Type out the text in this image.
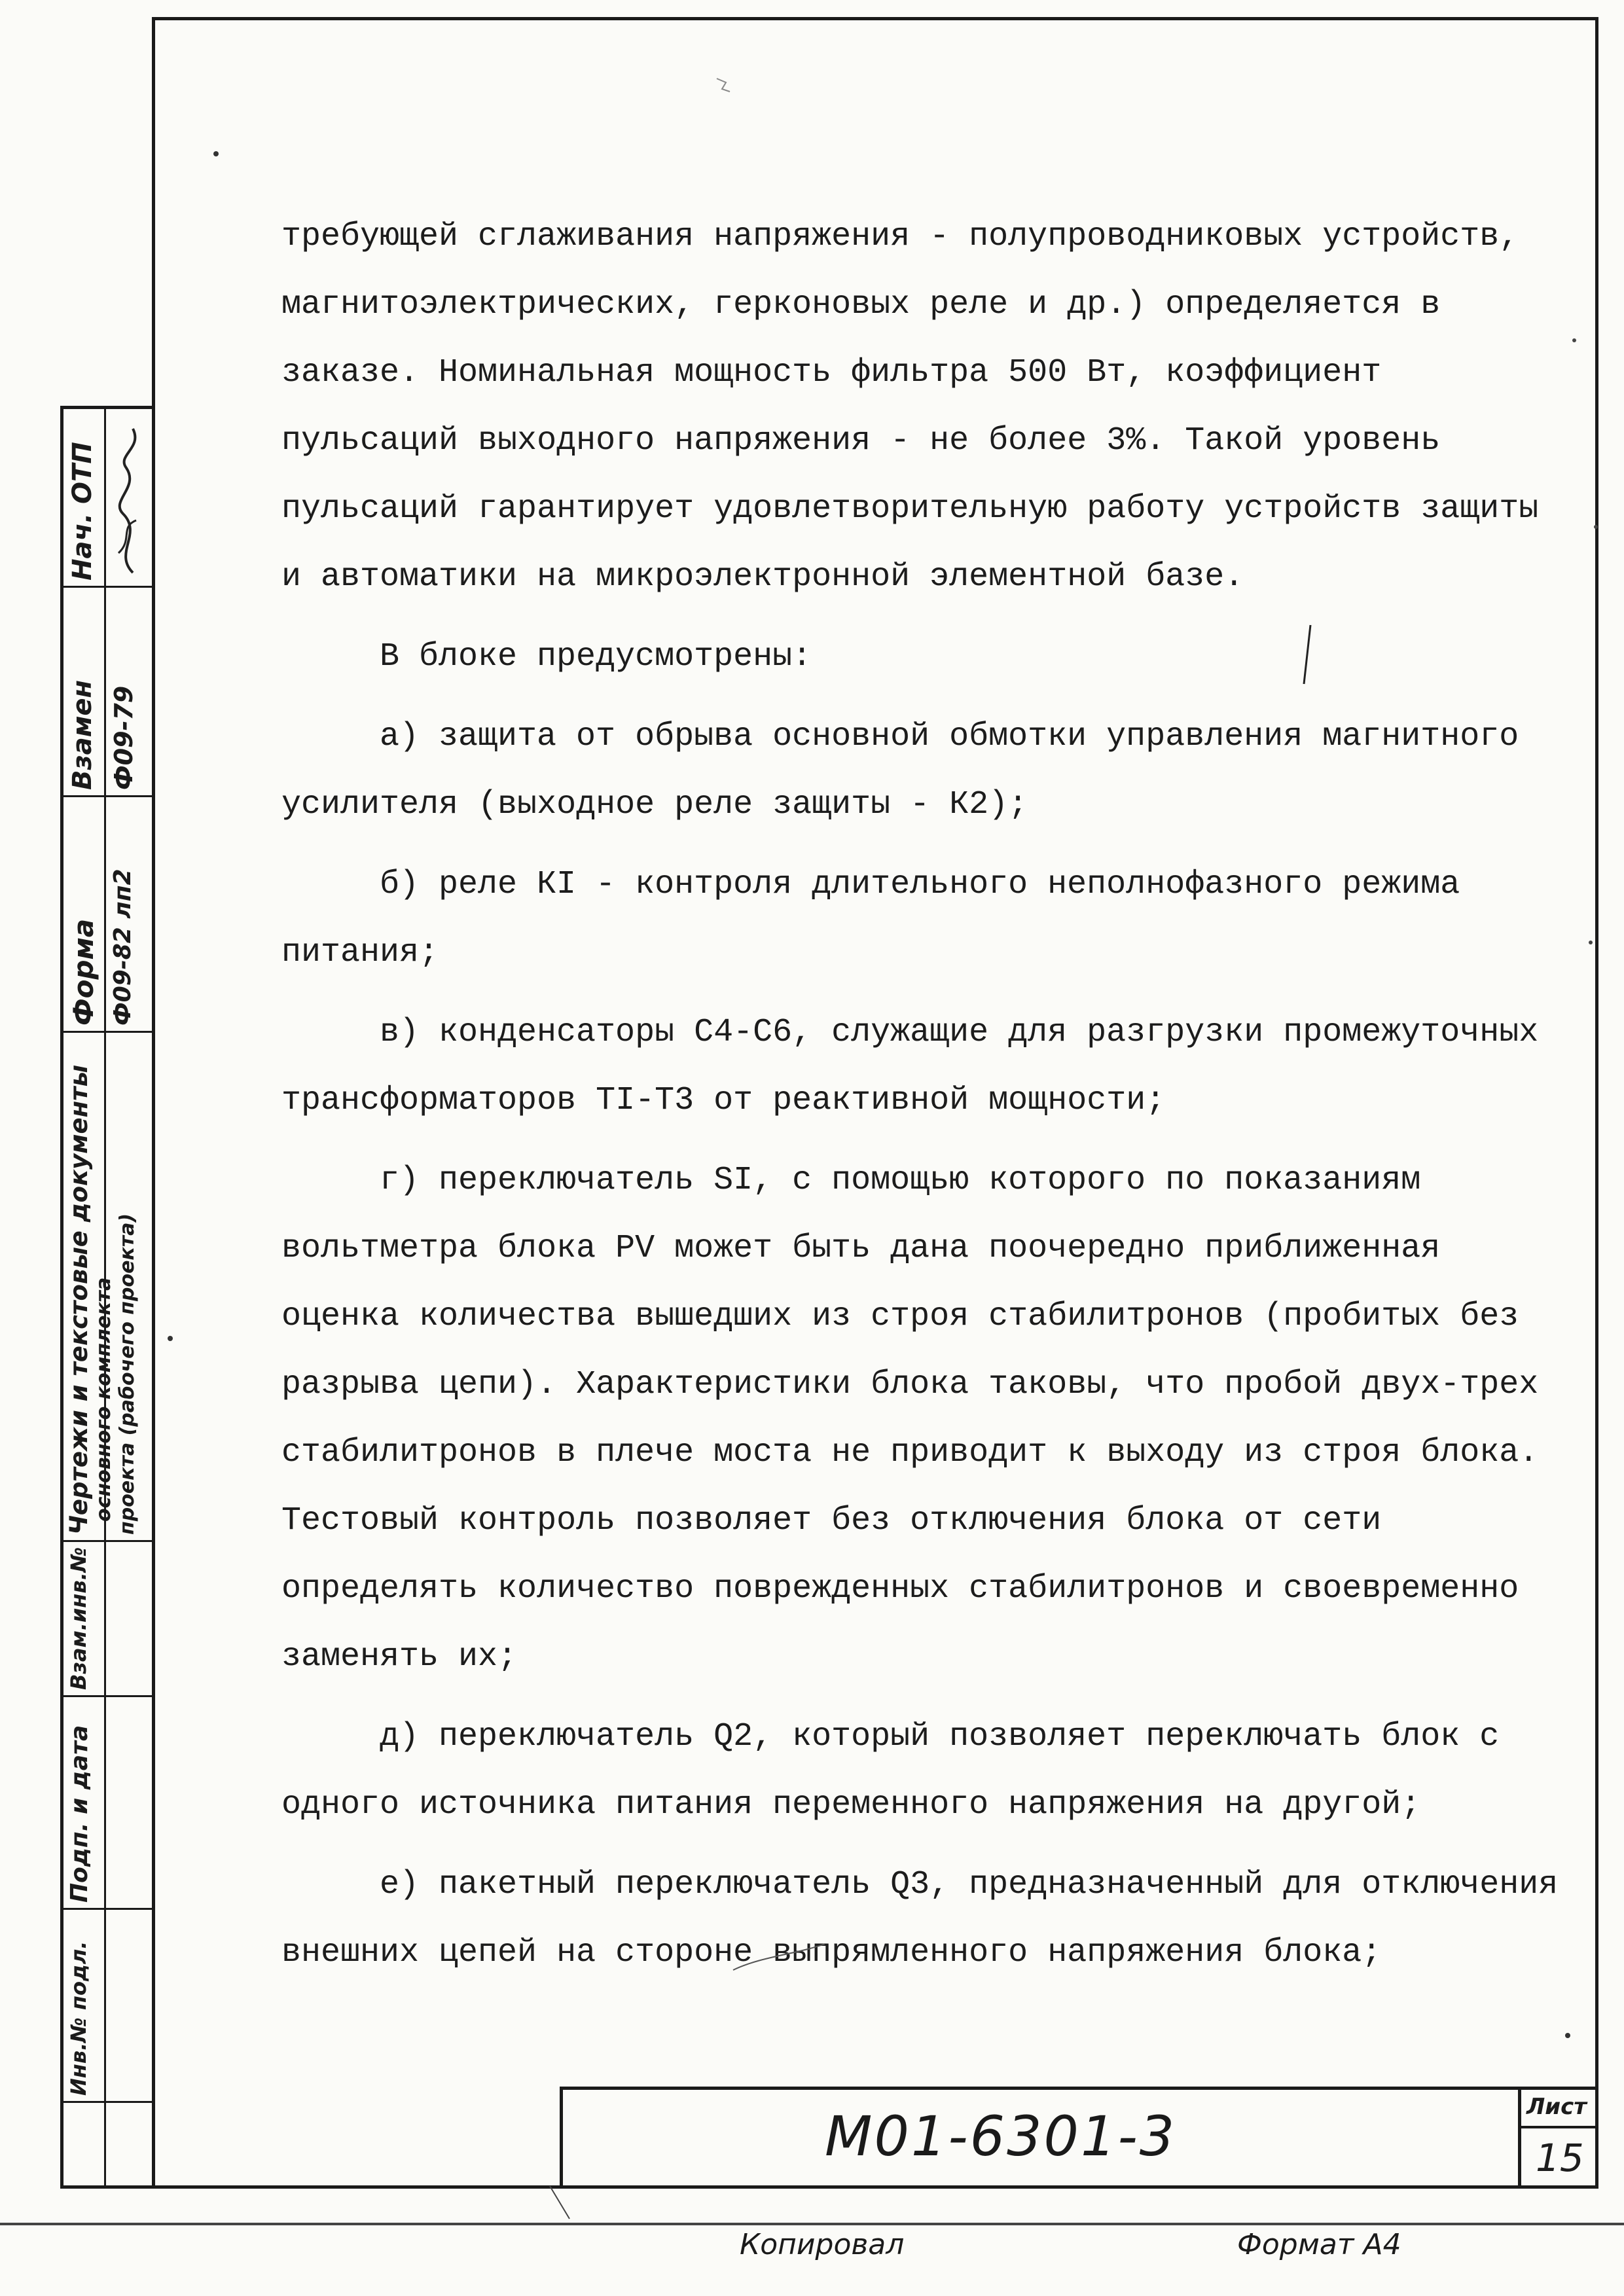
Нач. ОТП
Взамен Ф09-79
Форма Ф09-82 лп2
Чертежи и текстовые документы основного комплекта проекта (рабочего проекта)
Взам.инв.№
Подп. и дата
Инв.№ подл.

требующей сглаживания напряжения - полупроводниковых устройств, магнитоэлектрических, герконовых реле и др.) определяется в заказе. Номинальная мощность фильтра 500 Вт, коэффициент пульсаций выходного напряжения - не более 3%. Такой уровень пульсаций гарантирует удовлетворительную работу устройств защиты и автоматики на микроэлектронной элементной базе.

В блоке предусмотрены:

а) защита от обрыва основной обмотки управления магнитного усилителя (выходное реле защиты - К2);

б) реле КI - контроля длительного неполнофазного режима питания;

в) конденсаторы С4-С6, служащие для разгрузки промежуточных трансформаторов ТI-Т3 от реактивной мощности;

г) переключатель SI, с помощью которого по показаниям вольтметра блока РV может быть дана поочередно приближенная оценка количества вышедших из строя стабилитронов (пробитых без разрыва цепи). Характеристики блока таковы, что пробой двух-трех стабилитронов в плече моста не приводит к выходу из строя блока. Тестовый контроль позволяет без отключения блока от сети определять количество поврежденных стабилитронов и своевременно заменять их;

д) переключатель Q2, который позволяет переключать блок с одного источника питания переменного напряжения на другой;

е) пакетный переключатель Q3, предназначенный для отключения внешних цепей на стороне выпрямленного напряжения блока;

М01-6301-3	Лист
15
Копировал	Формат А4
